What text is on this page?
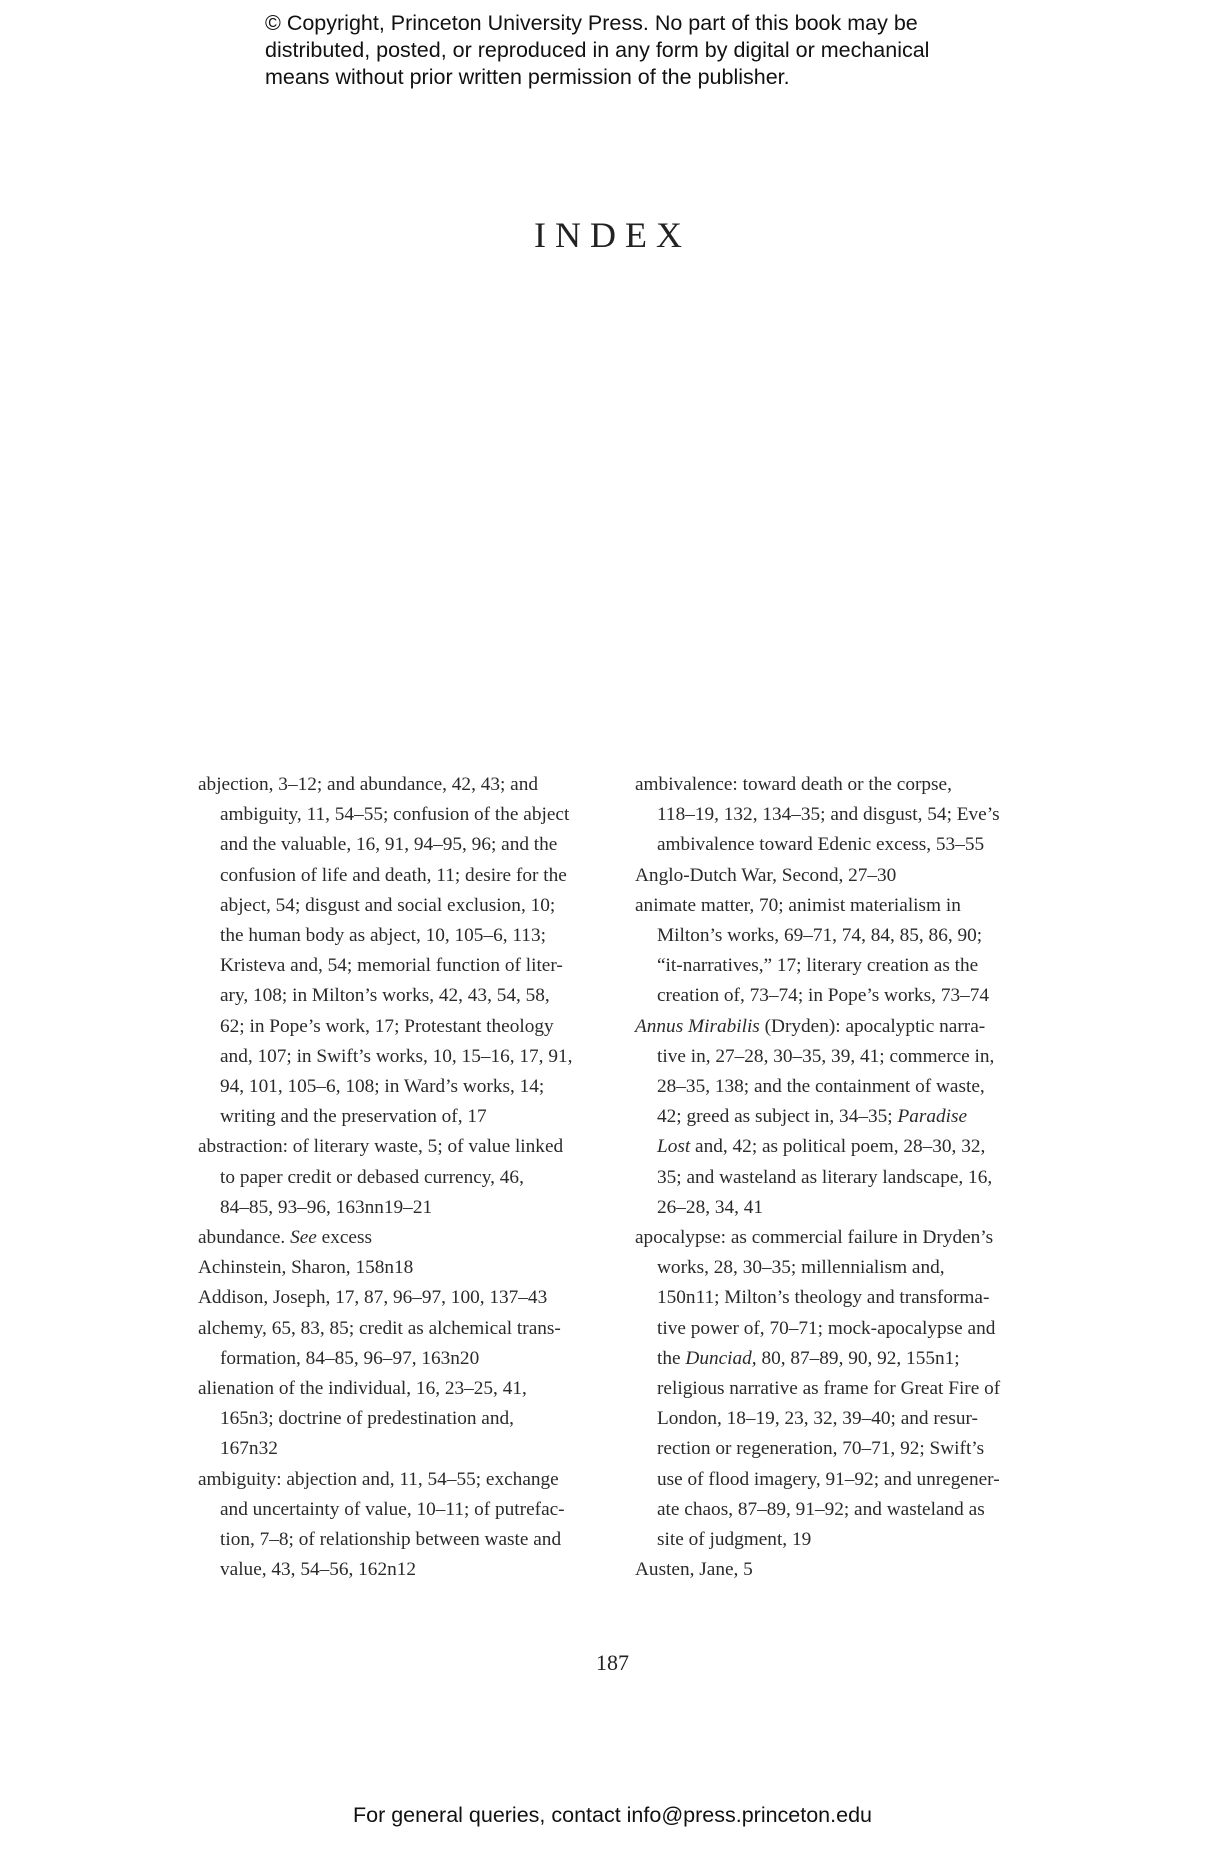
© Copyright, Princeton University Press. No part of this book may be
distributed, posted, or reproduced in any form by digital or mechanical
means without prior written permission of the publisher.
INDEX
abjection, 3–12; and abundance, 42, 43; and
ambiguity, 11, 54–55; confusion of the abject
and the valuable, 16, 91, 94–95, 96; and the
confusion of life and death, 11; desire for the
abject, 54; disgust and social exclusion, 10;
the human body as abject, 10, 105–6, 113;
Kristeva and, 54; memorial function of liter-
ary, 108; in Milton’s works, 42, 43, 54, 58,
62; in Pope’s work, 17; Protestant theology
and, 107; in Swift’s works, 10, 15–16, 17, 91,
94, 101, 105–6, 108; in Ward’s works, 14;
writing and the preservation of, 17
abstraction: of literary waste, 5; of value linked
to paper credit or debased currency, 46,
84–85, 93–96, 163nn19–21
abundance. See excess
Achinstein, Sharon, 158n18
Addison, Joseph, 17, 87, 96–97, 100, 137–43
alchemy, 65, 83, 85; credit as alchemical trans-
formation, 84–85, 96–97, 163n20
alienation of the individual, 16, 23–25, 41,
165n3; doctrine of predestination and,
167n32
ambiguity: abjection and, 11, 54–55; exchange
and uncertainty of value, 10–11; of putrefac-
tion, 7–8; of relationship between waste and
value, 43, 54–56, 162n12
ambivalence: toward death or the corpse,
118–19, 132, 134–35; and disgust, 54; Eve’s
ambivalence toward Edenic excess, 53–55
Anglo-Dutch War, Second, 27–30
animate matter, 70; animist materialism in
Milton’s works, 69–71, 74, 84, 85, 86, 90;
“it-narratives,” 17; literary creation as the
creation of, 73–74; in Pope’s works, 73–74
Annus Mirabilis (Dryden): apocalyptic narra-
tive in, 27–28, 30–35, 39, 41; commerce in,
28–35, 138; and the containment of waste,
42; greed as subject in, 34–35; Paradise
Lost and, 42; as political poem, 28–30, 32,
35; and wasteland as literary landscape, 16,
26–28, 34, 41
apocalypse: as commercial failure in Dryden’s
works, 28, 30–35; millennialism and,
150n11; Milton’s theology and transforma-
tive power of, 70–71; mock-apocalypse and
the Dunciad, 80, 87–89, 90, 92, 155n1;
religious narrative as frame for Great Fire of
London, 18–19, 23, 32, 39–40; and resur-
rection or regeneration, 70–71, 92; Swift’s
use of flood imagery, 91–92; and unregener-
ate chaos, 87–89, 91–92; and wasteland as
site of judgment, 19
Austen, Jane, 5
187
For general queries, contact info@press.princeton.edu
